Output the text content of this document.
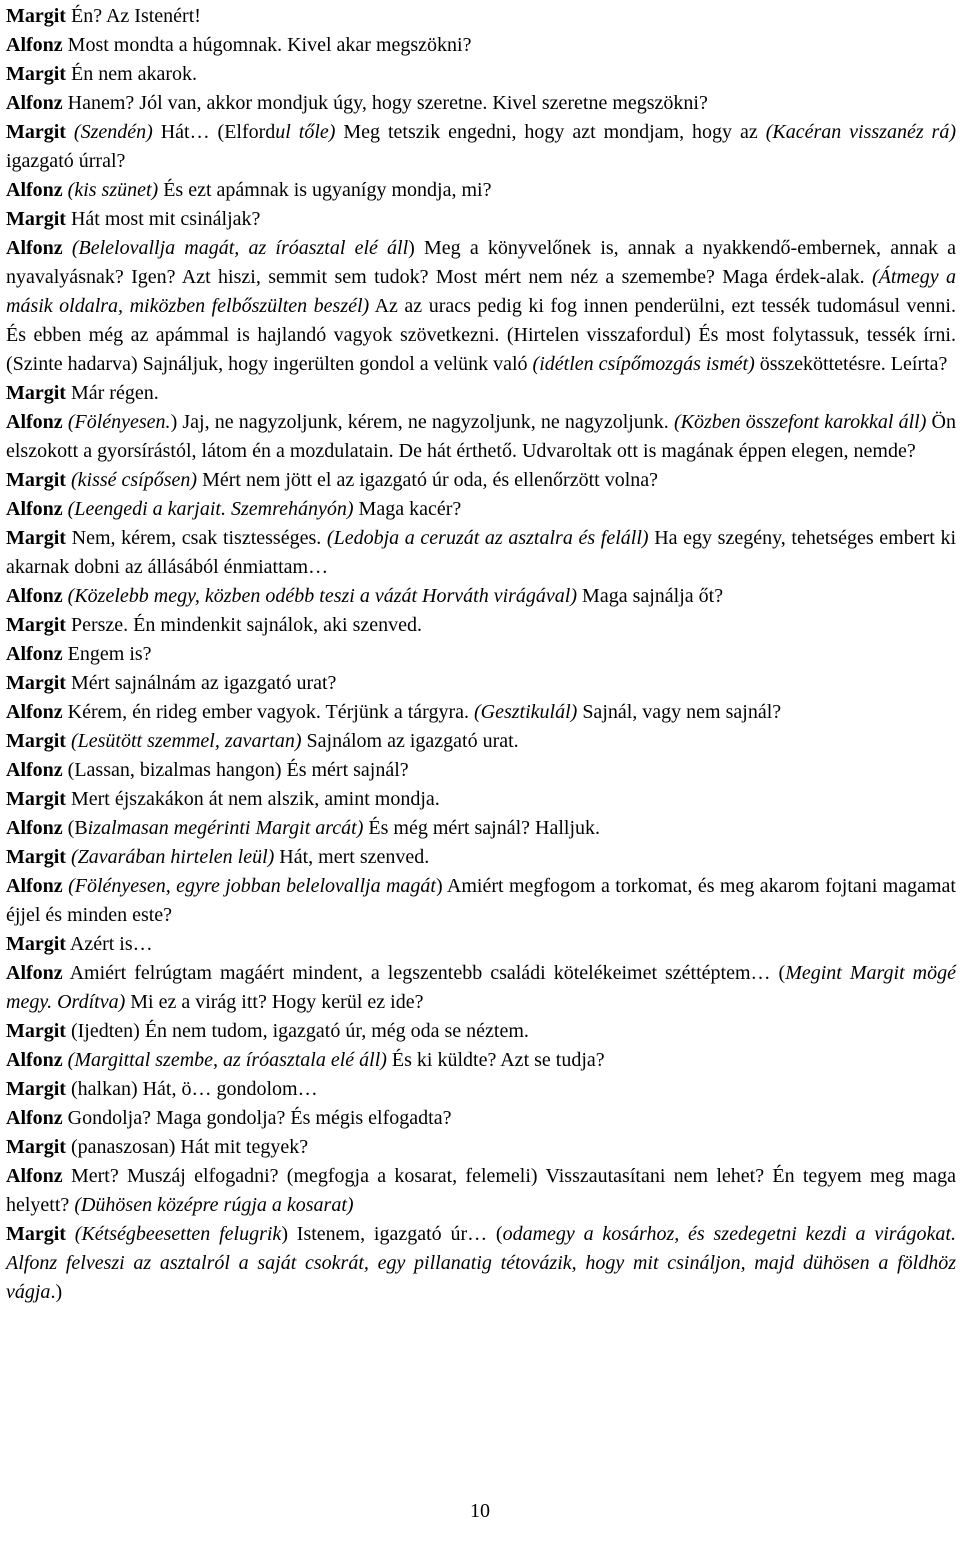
Margit Én? Az Istenért!

Alfonz Most mondta a húgomnak. Kivel akar megszökni?

Margit Én nem akarok.

Alfonz Hanem? Jól van, akkor mondjuk úgy, hogy szeretne. Kivel szeretne megszökni?

Margit (Szendén) Hát… (Elfordul tőle) Meg tetszik engedni, hogy azt mondjam, hogy az (Kacéran visszanéz rá) igazgató úrral?

Alfonz (kis szünet) És ezt apámnak is ugyanígy mondja, mi?

Margit Hát most mit csináljak?

Alfonz (Belelovallja magát, az íróasztal elé áll) Meg a könyvelőnek is, annak a nyakkendő-embernek, annak a nyavalyásnak? Igen? Azt hiszi, semmit sem tudok? Most mért nem néz a szemembe? Maga érdek-alak. (Átmegy a másik oldalra, miközben felbőszülten beszél) Az az uracs pedig ki fog innen penderülni, ezt tessék tudomásul venni. És ebben még az apámmal is hajlandó vagyok szövetkezni. (Hirtelen visszafordul) És most folytassuk, tessék írni. (Szinte hadarva) Sajnáljuk, hogy ingerülten gondol a velünk való (idétlen csípőmozgás ismét) összeköttetésre. Leírta?

Margit Már régen.

Alfonz (Fölényesen.) Jaj, ne nagyzoljunk, kérem, ne nagyzoljunk, ne nagyzoljunk. (Közben összefont karokkal áll) Ön elszokott a gyorsírástól, látom én a mozdulatain. De hát érthető. Udvaroltak ott is magának éppen elegen, nemde?

Margit (kissé csípősen) Mért nem jött el az igazgató úr oda, és ellenőrzött volna?

Alfonz (Leengedi a karjait. Szemrehányón) Maga kacér?

Margit Nem, kérem, csak tisztességes. (Ledobja a ceruzát az asztalra és feláll) Ha egy szegény, tehetséges embert ki akarnak dobni az állásából énmiattam…

Alfonz (Közelebb megy, közben odébb teszi a vázát Horváth virágával) Maga sajnálja őt?

Margit Persze. Én mindenkit sajnálok, aki szenved.

Alfonz Engem is?

Margit Mért sajnálnám az igazgató urat?

Alfonz Kérem, én rideg ember vagyok. Térjünk a tárgyra. (Gesztikulál) Sajnál, vagy nem sajnál?

Margit (Lesütött szemmel, zavartan) Sajnálom az igazgató urat.

Alfonz (Lassan, bizalmas hangon) És mért sajnál?

Margit Mert éjszakákon át nem alszik, amint mondja.

Alfonz (Bizalmasan megérinti Margit arcát) És még mért sajnál? Halljuk.

Margit (Zavarában hirtelen leül) Hát, mert szenved.

Alfonz (Fölényesen, egyre jobban belelovallja magát) Amiért megfogom a torkomat, és meg akarom fojtani magamat éjjel és minden este?

Margit Azért is…

Alfonz Amiért felrúgtam magáért mindent, a legszentebb családi kötelékeimet széttéptem… (Megint Margit mögé megy. Ordítva) Mi ez a virág itt? Hogy kerül ez ide?

Margit (Ijedten) Én nem tudom, igazgató úr, még oda se néztem.

Alfonz (Margittal szembe, az íróasztala elé áll) És ki küldte? Azt se tudja?

Margit (halkan) Hát, ö… gondolom…

Alfonz Gondolja? Maga gondolja? És mégis elfogadta?

Margit (panaszosan) Hát mit tegyek?

Alfonz Mert? Muszáj elfogadni? (megfogja a kosarat, felemeli) Visszautasítani nem lehet? Én tegyem meg maga helyett? (Dühösen középre rúgja a kosarat)

Margit (Kétségbeesetten felugrik) Istenem, igazgató úr… (odamegy a kosárhoz, és szedegetni kezdi a virágokat. Alfonz felveszi az asztalról a saját csokrát, egy pillanatig tétovázik, hogy mit csináljon, majd dühösen a földhöz vágja.)

10
